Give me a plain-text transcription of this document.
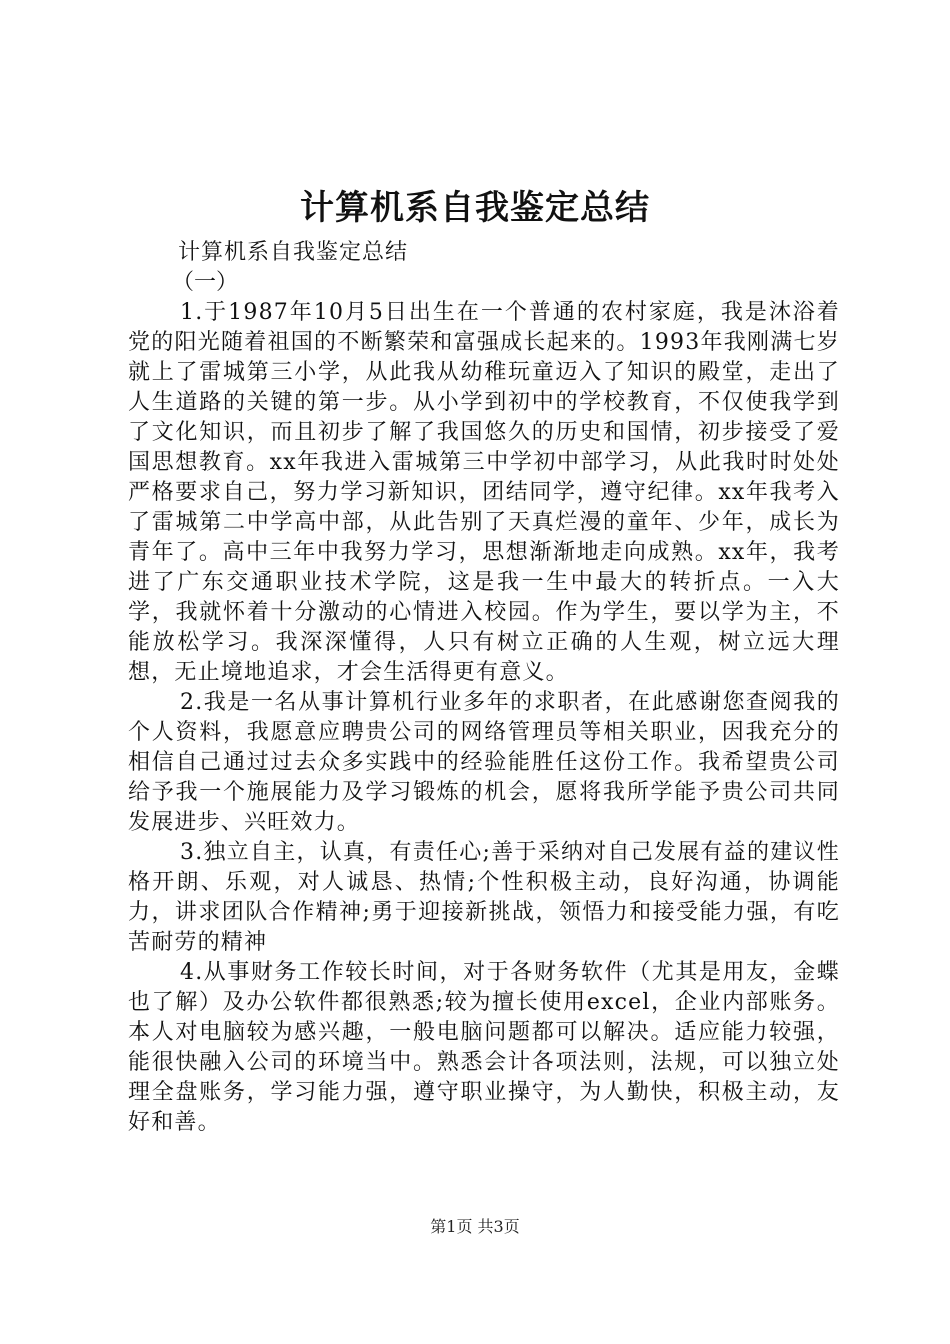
计算机系自我鉴定总结

计算机系自我鉴定总结

（一）

1.于1987年10月5日出生在一个普通的农村家庭，我是沐浴着党的阳光随着祖国的不断繁荣和富强成长起来的。1993年我刚满七岁就上了雷城第三小学，从此我从幼稚玩童迈入了知识的殿堂，走出了人生道路的关键的第一步。从小学到初中的学校教育，不仅使我学到了文化知识，而且初步了解了我国悠久的历史和国情，初步接受了爱国思想教育。xx年我进入雷城第三中学初中部学习，从此我时时处处严格要求自己，努力学习新知识，团结同学，遵守纪律。xx年我考入了雷城第二中学高中部，从此告别了天真烂漫的童年、少年，成长为青年了。高中三年中我努力学习，思想渐渐地走向成熟。xx年，我考进了广东交通职业技术学院，这是我一生中最大的转折点。一入大学，我就怀着十分激动的心情进入校园。作为学生，要以学为主，不能放松学习。我深深懂得，人只有树立正确的人生观，树立远大理想，无止境地追求，才会生活得更有意义。

2.我是一名从事计算机行业多年的求职者，在此感谢您查阅我的个人资料，我愿意应聘贵公司的网络管理员等相关职业，因我充分的相信自己通过过去众多实践中的经验能胜任这份工作。我希望贵公司给予我一个施展能力及学习锻炼的机会，愿将我所学能予贵公司共同发展进步、兴旺效力。

3.独立自主，认真，有责任心;善于采纳对自己发展有益的建议性格开朗、乐观，对人诚恳、热情;个性积极主动，良好沟通，协调能力，讲求团队合作精神;勇于迎接新挑战，领悟力和接受能力强，有吃苦耐劳的精神

4.从事财务工作较长时间，对于各财务软件（尤其是用友，金蝶也了解）及办公软件都很熟悉;较为擅长使用excel，企业内部账务。本人对电脑较为感兴趣，一般电脑问题都可以解决。适应能力较强，能很快融入公司的环境当中。熟悉会计各项法则，法规，可以独立处理全盘账务，学习能力强，遵守职业操守，为人勤快，积极主动，友好和善。

第1页 共3页
